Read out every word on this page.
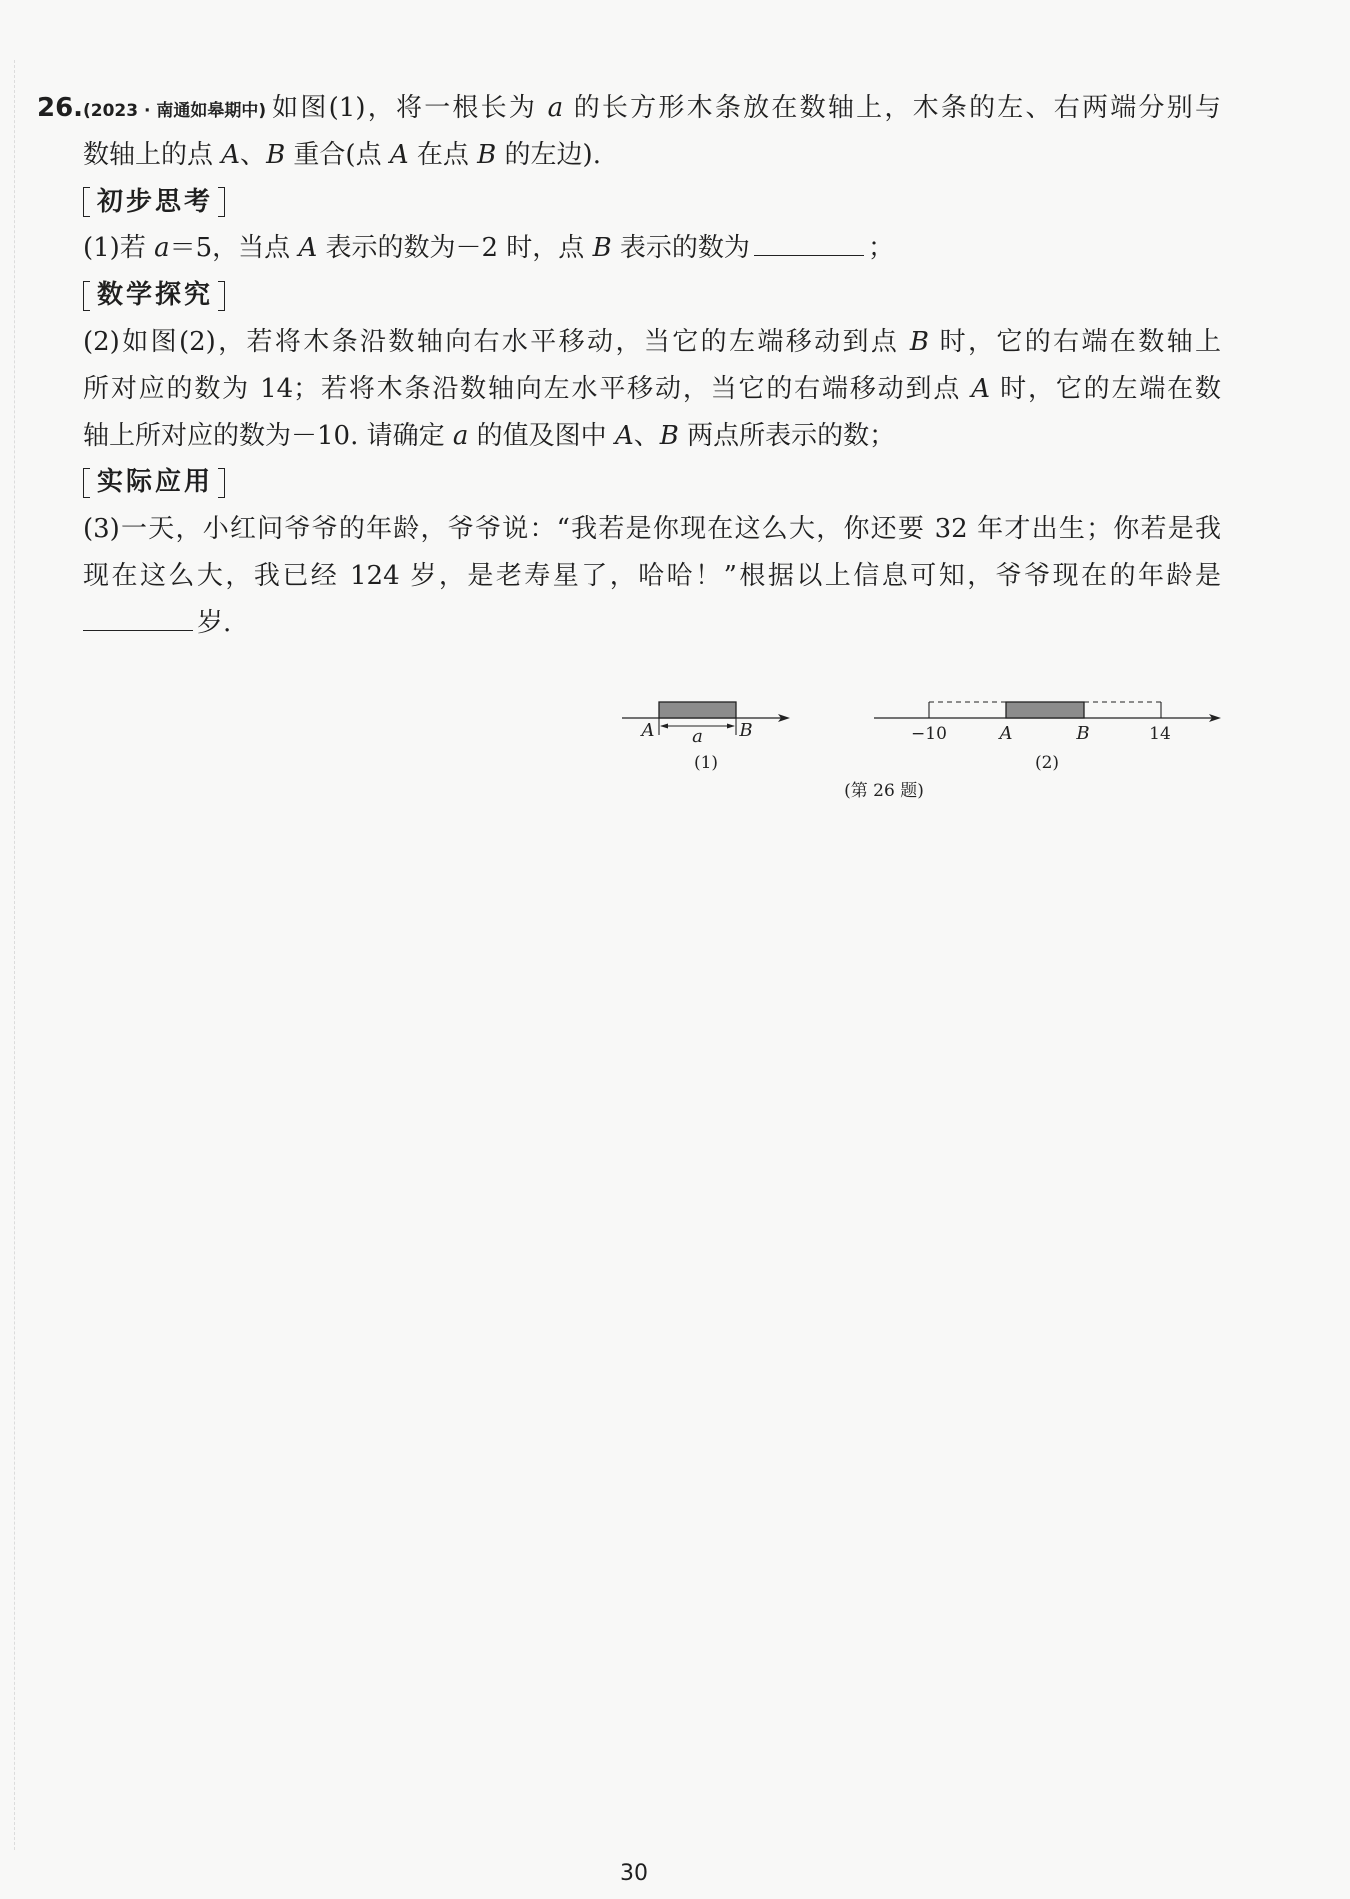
26. (2023 · 南通如皋期中) 如图(1)，将一根长为 a 的长方形木条放在数轴上，木条的左、右两端分别与
数轴上的点 A、B 重合(点 A 在点 B 的左边).
初步思考
(1)若 a＝5，当点 A 表示的数为－2 时，点 B 表示的数为	；
数学探究
(2)如图(2)，若将木条沿数轴向右水平移动，当它的左端移动到点 B 时，它的右端在数轴上
所对应的数为 14；若将木条沿数轴向左水平移动，当它的右端移动到点 A 时，它的左端在数
轴上所对应的数为－10. 请确定 a 的值及图中 A、B 两点所表示的数；
实际应用
(3)一天，小红问爷爷的年龄，爷爷说：“我若是你现在这么大，你还要 32 年才出生；你若是我
现在这么大，我已经 124 岁，是老寿星了，哈哈！”根据以上信息可知，爷爷现在的年龄是
岁.
A a B
(1)
−10	A	B	14
(2)
(第 26 题)
30
